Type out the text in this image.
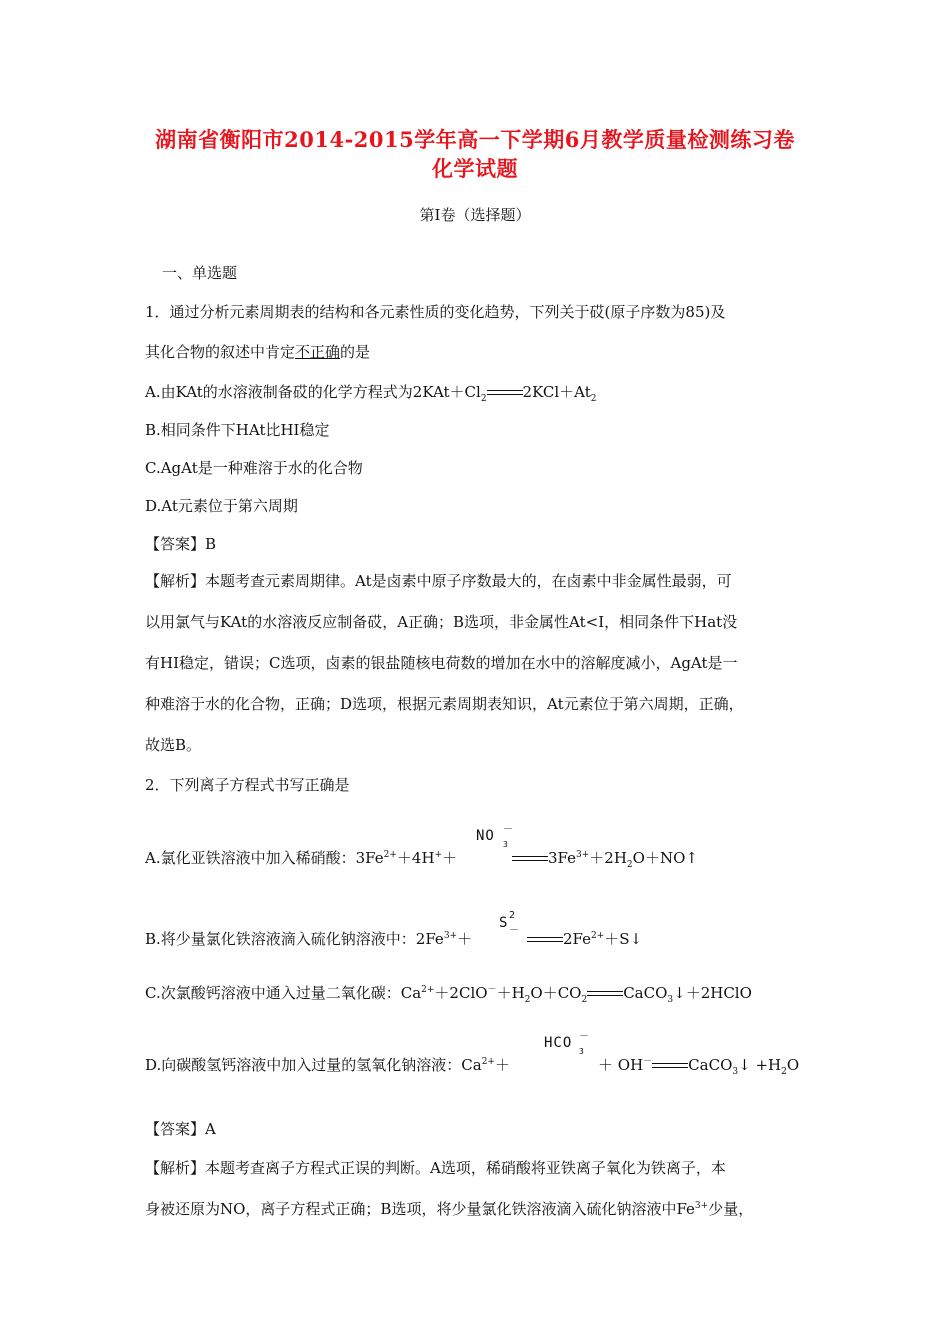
湖南省衡阳市2014-2015学年高一下学期6月教学质量检测练习卷
化学试题
第I卷（选择题）
一、单选题
1．通过分析元素周期表的结构和各元素性质的变化趋势，下列关于砹(原子序数为85)及
其化合物的叙述中肯定不正确的是
A.由KAt的水溶液制备砹的化学方程式为$2KAt+Cl_2$ $2KCl+At_2$
B.相同条件下HAt比HI稳定
C.AgAt是一种难溶于水的化合物
D.At元素位于第六周期
【答案】B
【解析】本题考查元素周期律。At是卤素中原子序数最大的，在卤素中非金属性最弱，可
以用氯气与KAt的水溶液反应制备砹，A正确；B选项，非金属性At<I，相同条件下Hat没
有HI稳定，错误；C选项，卤素的银盐随核电荷数的增加在水中的溶解度减小，AgAt是一
种难溶于水的化合物，正确；D选项，根据元素周期表知识，At元素位于第六周期，正确，
故选B。
2．下列离子方程式书写正确是
A.氯化亚铁溶液中加入稀硝酸：$3Fe^{2+}+4H^++$
NO －
3
$3Fe^{3+}+2H_2O+NO↑$
B.将少量氯化铁溶液滴入硫化钠溶液中：$2Fe^{3+}+$
S 2－	$2Fe^{2+}+S↓$
C.次氯酸钙溶液中通入过量二氧化碳：$Ca^{2+}+2ClO^-+H_2O+CO_2$ CaCO$_3$↓＋2HClO
D.向碳酸氢钙溶液中加入过量的氢氧化钠溶液：$Ca^{2+}+$
HCO －
3
＋ OH－ CaCO$_3$↓ $+H_2O$
【答案】A
【解析】本题考查离子方程式正误的判断。A选项，稀硝酸将亚铁离子氧化为铁离子，本
身被还原为NO，离子方程式正确；B选项，将少量氯化铁溶液滴入硫化钠溶液中$Fe^{3+}$少量，
